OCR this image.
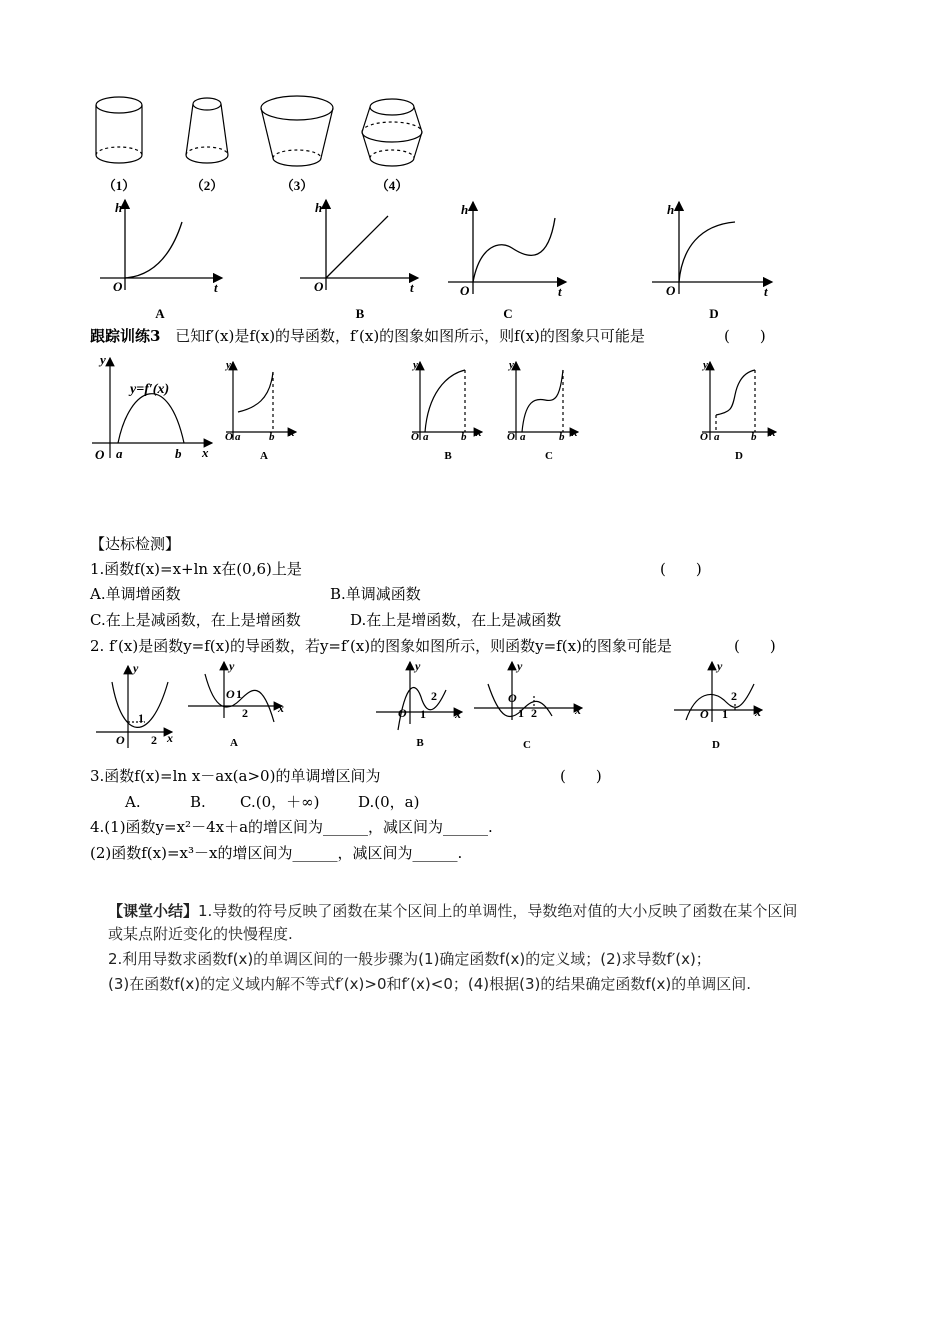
（1）	（2）	（3）	（4）
h
t
O
h
t
O
h
t
O
h
t
O
A	B	C	D
跟踪训练3 已知f′(x)是f(x)的导函数，f′(x)的图象如图所示，则f(x)的图象只可能是	(　　)
y
x
O a	b
y=f′(x)
y
x
O a	b
y
x
O a	b
y
x
O a	b
y
x
O a	b
A	B	C	D
【达标检测】
1.函数f(x)=x+ln x在(0,6)上是	(　　)
A.单调增函数	B.单调减函数
C.在上是减函数，在上是增函数	D.在上是增函数，在上是减函数
2. f′(x)是函数y=f(x)的导函数，若y=f′(x)的图象如图所示，则函数y=f(x)的图象可能是	(　　)
y
x
O
1
2
y
x
O 1
2
y
x
O 1
2
y
x
O
1 2
y
x
O 1
2
A	B	C	D
3.函数f(x)=ln x－ax(a>0)的单调增区间为	(　　)
A.	B. C.(0，＋∞)	D.(0，a)
4.(1)函数y=x²－4x＋a的增区间为______，减区间为______.
(2)函数f(x)=x³－x的增区间为______，减区间为______.
【课堂小结】1.导数的符号反映了函数在某个区间上的单调性，导数绝对值的大小反映了函数在某个区间
或某点附近变化的快慢程度.
2.利用导数求函数f(x)的单调区间的一般步骤为(1)确定函数f(x)的定义域；(2)求导数f′(x)；
(3)在函数f(x)的定义域内解不等式f′(x)>0和f′(x)<0；(4)根据(3)的结果确定函数f(x)的单调区间.
